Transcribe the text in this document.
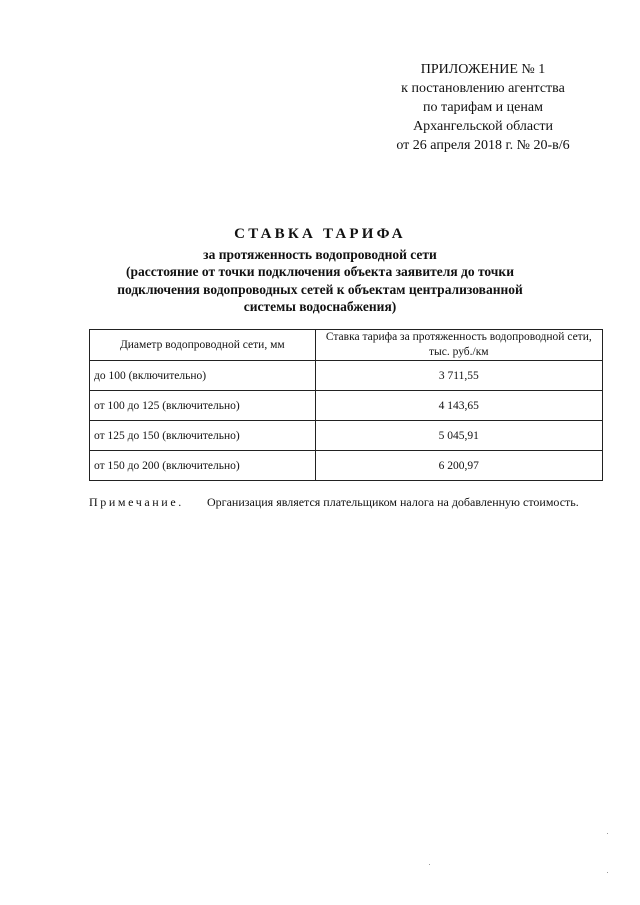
ПРИЛОЖЕНИЕ № 1
к постановлению агентства
по тарифам и ценам
Архангельской области
от 26 апреля 2018 г. № 20-в/6
СТАВКА ТАРИФА
за протяженность водопроводной сети
(расстояние от точки подключения объекта заявителя до точки
подключения водопроводных сетей к объектам централизованной
системы водоснабжения)
Диаметр водопроводной сети, мм	Ставка тарифа за протяженность водопроводной сети, тыс. руб./км
до 100 (включительно)	3 711,55
от 100 до 125 (включительно)	4 143,65
от 125 до 150 (включительно)	5 045,91
от 150 до 200 (включительно)	6 200,97
Примечание. Организация является плательщиком налога на добавленную стоимость.
